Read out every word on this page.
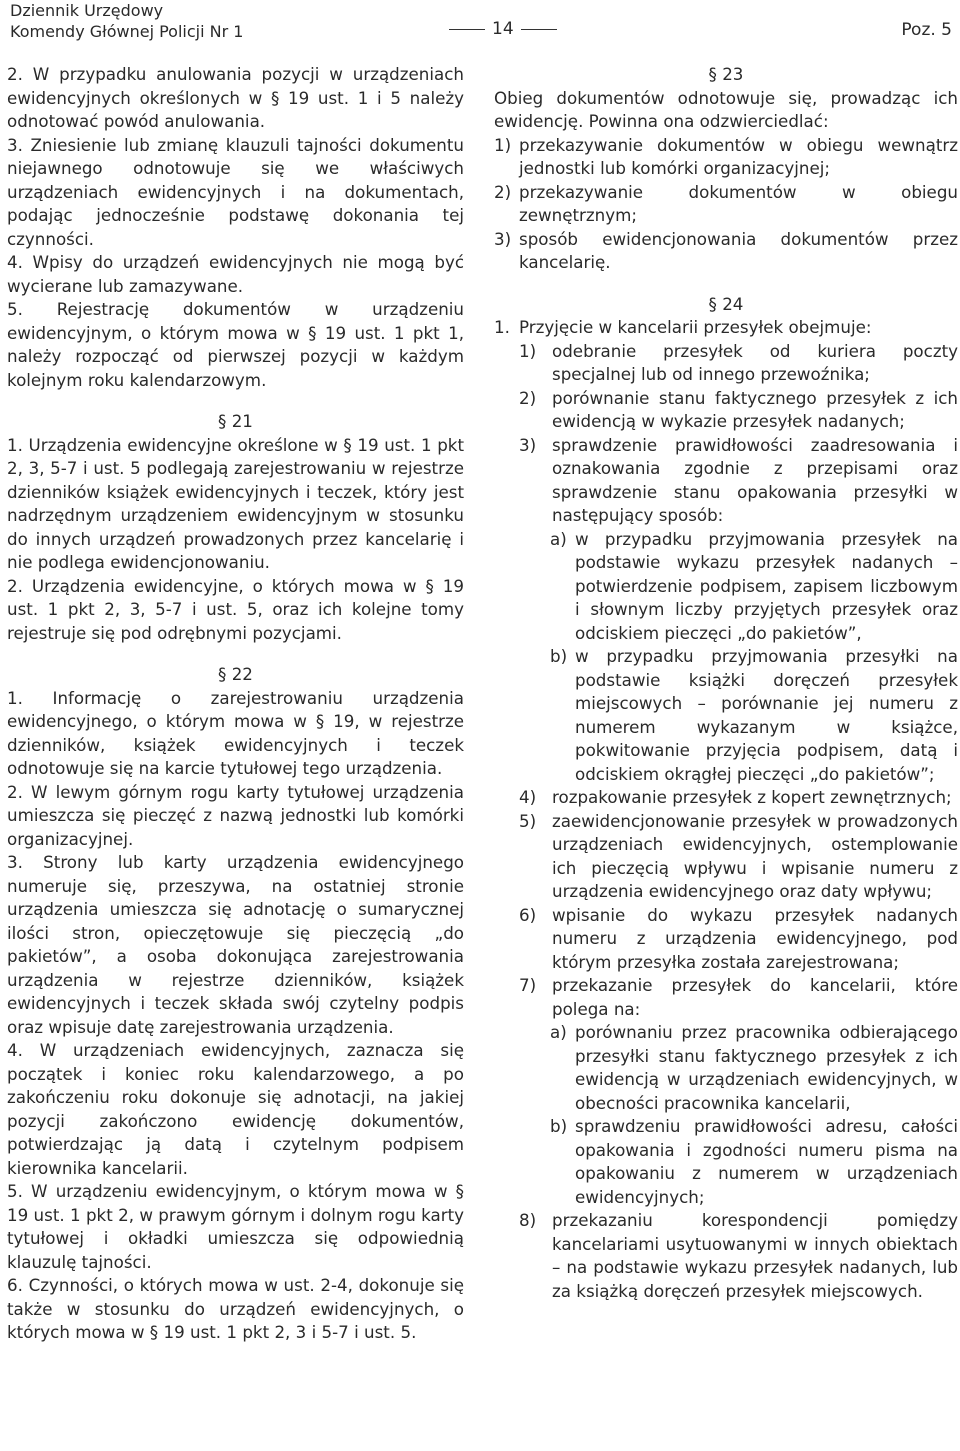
Dziennik Urzędowy
Komendy Głównej Policji Nr 1	14	Poz. 5

2. W przypadku anulowania pozycji w urządzeniach ewidencyjnych określonych w § 19 ust. 1 i 5 należy odnotować powód anulowania.

3. Zniesienie lub zmianę klauzuli tajności dokumentu niejawnego odnotowuje się we właściwych urządzeniach ewidencyjnych i na dokumentach, podając jednocześnie podstawę dokonania tej czynności.

4. Wpisy do urządzeń ewidencyjnych nie mogą być wycierane lub zamazywane.

5. Rejestrację dokumentów w urządzeniu ewidencyjnym, o którym mowa w § 19 ust. 1 pkt 1, należy rozpocząć od pierwszej pozycji w każdym kolejnym roku kalendarzowym.

§ 21

1. Urządzenia ewidencyjne określone w § 19 ust. 1 pkt 2, 3, 5-7 i ust. 5 podlegają zarejestrowaniu w rejestrze dzienników książek ewidencyjnych i teczek, który jest nadrzędnym urządzeniem ewidencyjnym w stosunku do innych urządzeń prowadzonych przez kancelarię i nie podlega ewidencjonowaniu.

2. Urządzenia ewidencyjne, o których mowa w § 19 ust. 1 pkt 2, 3, 5-7 i ust. 5, oraz ich kolejne tomy rejestruje się pod odrębnymi pozycjami.

§ 22

1. Informację o zarejestrowaniu urządzenia ewidencyjnego, o którym mowa w § 19, w rejestrze dzienników, książek ewidencyjnych i teczek odnotowuje się na karcie tytułowej tego urządzenia.

2. W lewym górnym rogu karty tytułowej urządzenia umieszcza się pieczęć z nazwą jednostki lub komórki organizacyjnej.

3. Strony lub karty urządzenia ewidencyjnego numeruje się, przeszywa, na ostatniej stronie urządzenia umieszcza się adnotację o sumarycznej ilości stron, opieczętowuje się pieczęcią „do pakietów”, a osoba dokonująca zarejestrowania urządzenia w rejestrze dzienników, książek ewidencyjnych i teczek składa swój czytelny podpis oraz wpisuje datę zarejestrowania urządzenia.

4. W urządzeniach ewidencyjnych, zaznacza się początek i koniec roku kalendarzowego, a po zakończeniu roku dokonuje się adnotacji, na jakiej pozycji zakończono ewidencję dokumentów, potwierdzając ją datą i czytelnym podpisem kierownika kancelarii.

5. W urządzeniu ewidencyjnym, o którym mowa w § 19 ust. 1 pkt 2, w prawym górnym i dolnym rogu karty tytułowej i okładki umieszcza się odpowiednią klauzulę tajności.

6. Czynności, o których mowa w ust. 2-4, dokonuje się także w stosunku do urządzeń ewidencyjnych, o których mowa w § 19 ust. 1 pkt 2, 3 i 5-7 i ust. 5.

§ 23

Obieg dokumentów odnotowuje się, prowadząc ich ewidencję. Powinna ona odzwierciedlać:

1) przekazywanie dokumentów w obiegu wewnątrz jednostki lub komórki organizacyjnej;
2) przekazywanie dokumentów w obiegu zewnętrznym;
3) sposób ewidencjonowania dokumentów przez kancelarię.
§ 24
1. Przyjęcie w kancelarii przesyłek obejmuje:
1) odebranie przesyłek od kuriera poczty specjalnej lub od innego przewoźnika;
2) porównanie stanu faktycznego przesyłek z ich ewidencją w wykazie przesyłek nadanych;
3) sprawdzenie prawidłowości zaadresowania i oznakowania zgodnie z przepisami oraz sprawdzenie stanu opakowania przesyłki w następujący sposób:
a) w przypadku przyjmowania przesyłek na podstawie wykazu przesyłek nadanych – potwierdzenie podpisem, zapisem liczbowym i słownym liczby przyjętych przesyłek oraz odciskiem pieczęci „do pakietów”,
b) w przypadku przyjmowania przesyłki na podstawie książki doręczeń przesyłek miejscowych – porównanie jej numeru z numerem wykazanym w książce, pokwitowanie przyjęcia podpisem, datą i odciskiem okrągłej pieczęci „do pakietów”;
4) rozpakowanie przesyłek z kopert zewnętrznych;
5) zaewidencjonowanie przesyłek w prowadzonych urządzeniach ewidencyjnych, ostemplowanie ich pieczęcią wpływu i wpisanie numeru z urządzenia ewidencyjnego oraz daty wpływu;
6) wpisanie do wykazu przesyłek nadanych numeru z urządzenia ewidencyjnego, pod którym przesyłka została zarejestrowana;
7) przekazanie przesyłek do kancelarii, które polega na:
a) porównaniu przez pracownika odbierającego przesyłki stanu faktycznego przesyłek z ich ewidencją w urządzeniach ewidencyjnych, w obecności pracownika kancelarii,
b) sprawdzeniu prawidłowości adresu, całości opakowania i zgodności numeru pisma na opakowaniu z numerem w urządzeniach ewidencyjnych;
8) przekazaniu korespondencji pomiędzy kancelariami usytuowanymi w innych obiektach – na podstawie wykazu przesyłek nadanych, lub za książką doręczeń przesyłek miejscowych.
